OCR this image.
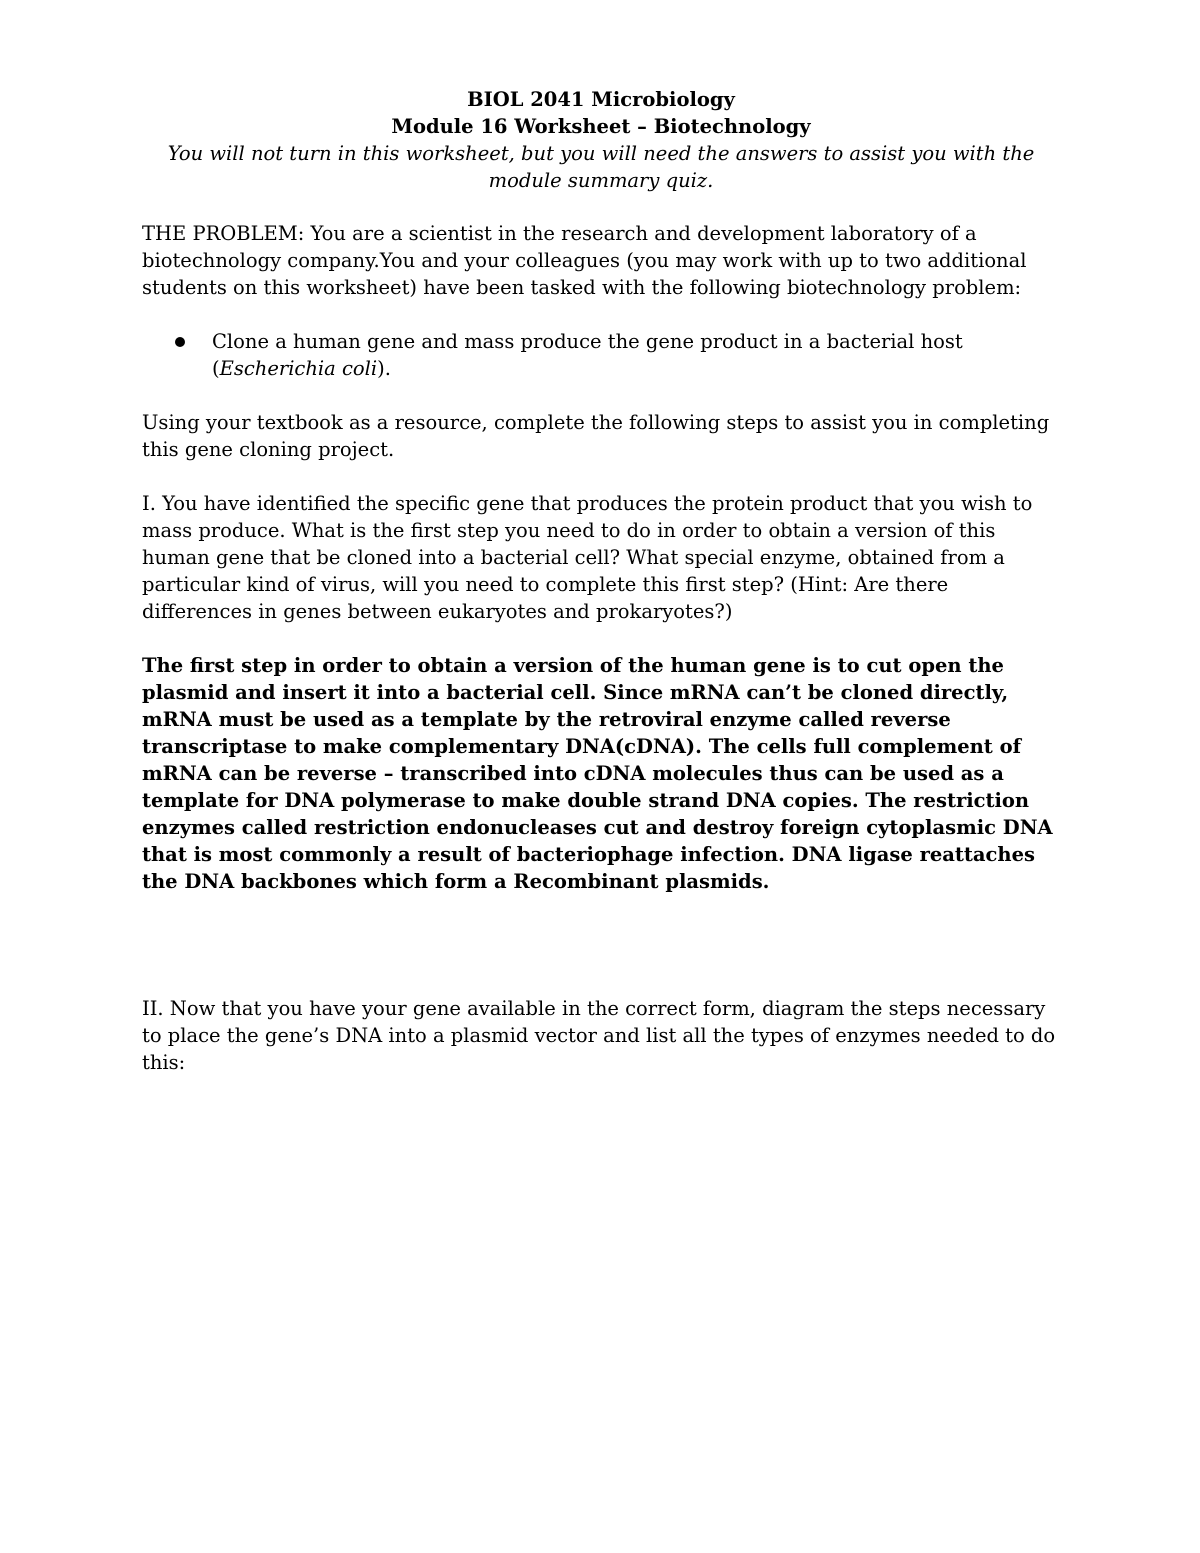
BIOL 2041 Microbiology
Module 16 Worksheet – Biotechnology
You will not turn in this worksheet, but you will need the answers to assist you with the module summary quiz.

THE PROBLEM: You are a scientist in the research and development laboratory of a biotechnology company.You and your colleagues (you may work with up to two additional students on this worksheet) have been tasked with the following biotechnology problem:

Clone a human gene and mass produce the gene product in a bacterial host (Escherichia coli).

Using your textbook as a resource, complete the following steps to assist you in completing this gene cloning project.

I. You have identified the specific gene that produces the protein product that you wish to mass produce. What is the first step you need to do in order to obtain a version of this human gene that be cloned into a bacterial cell? What special enzyme, obtained from a particular kind of virus, will you need to complete this first step? (Hint: Are there differences in genes between eukaryotes and prokaryotes?)

The first step in order to obtain a version of the human gene is to cut open the plasmid and insert it into a bacterial cell. Since mRNA can’t be cloned directly, mRNA must be used as a template by the retroviral enzyme called reverse transcriptase to make complementary DNA(cDNA). The cells full complement of mRNA can be reverse – transcribed into cDNA molecules thus can be used as a template for DNA polymerase to make double strand DNA copies. The restriction enzymes called restriction endonucleases cut and destroy foreign cytoplasmic DNA that is most commonly a result of bacteriophage infection. DNA ligase reattaches the DNA backbones which form a Recombinant plasmids.

II. Now that you have your gene available in the correct form, diagram the steps necessary to place the gene’s DNA into a plasmid vector and list all the types of enzymes needed to do this:
